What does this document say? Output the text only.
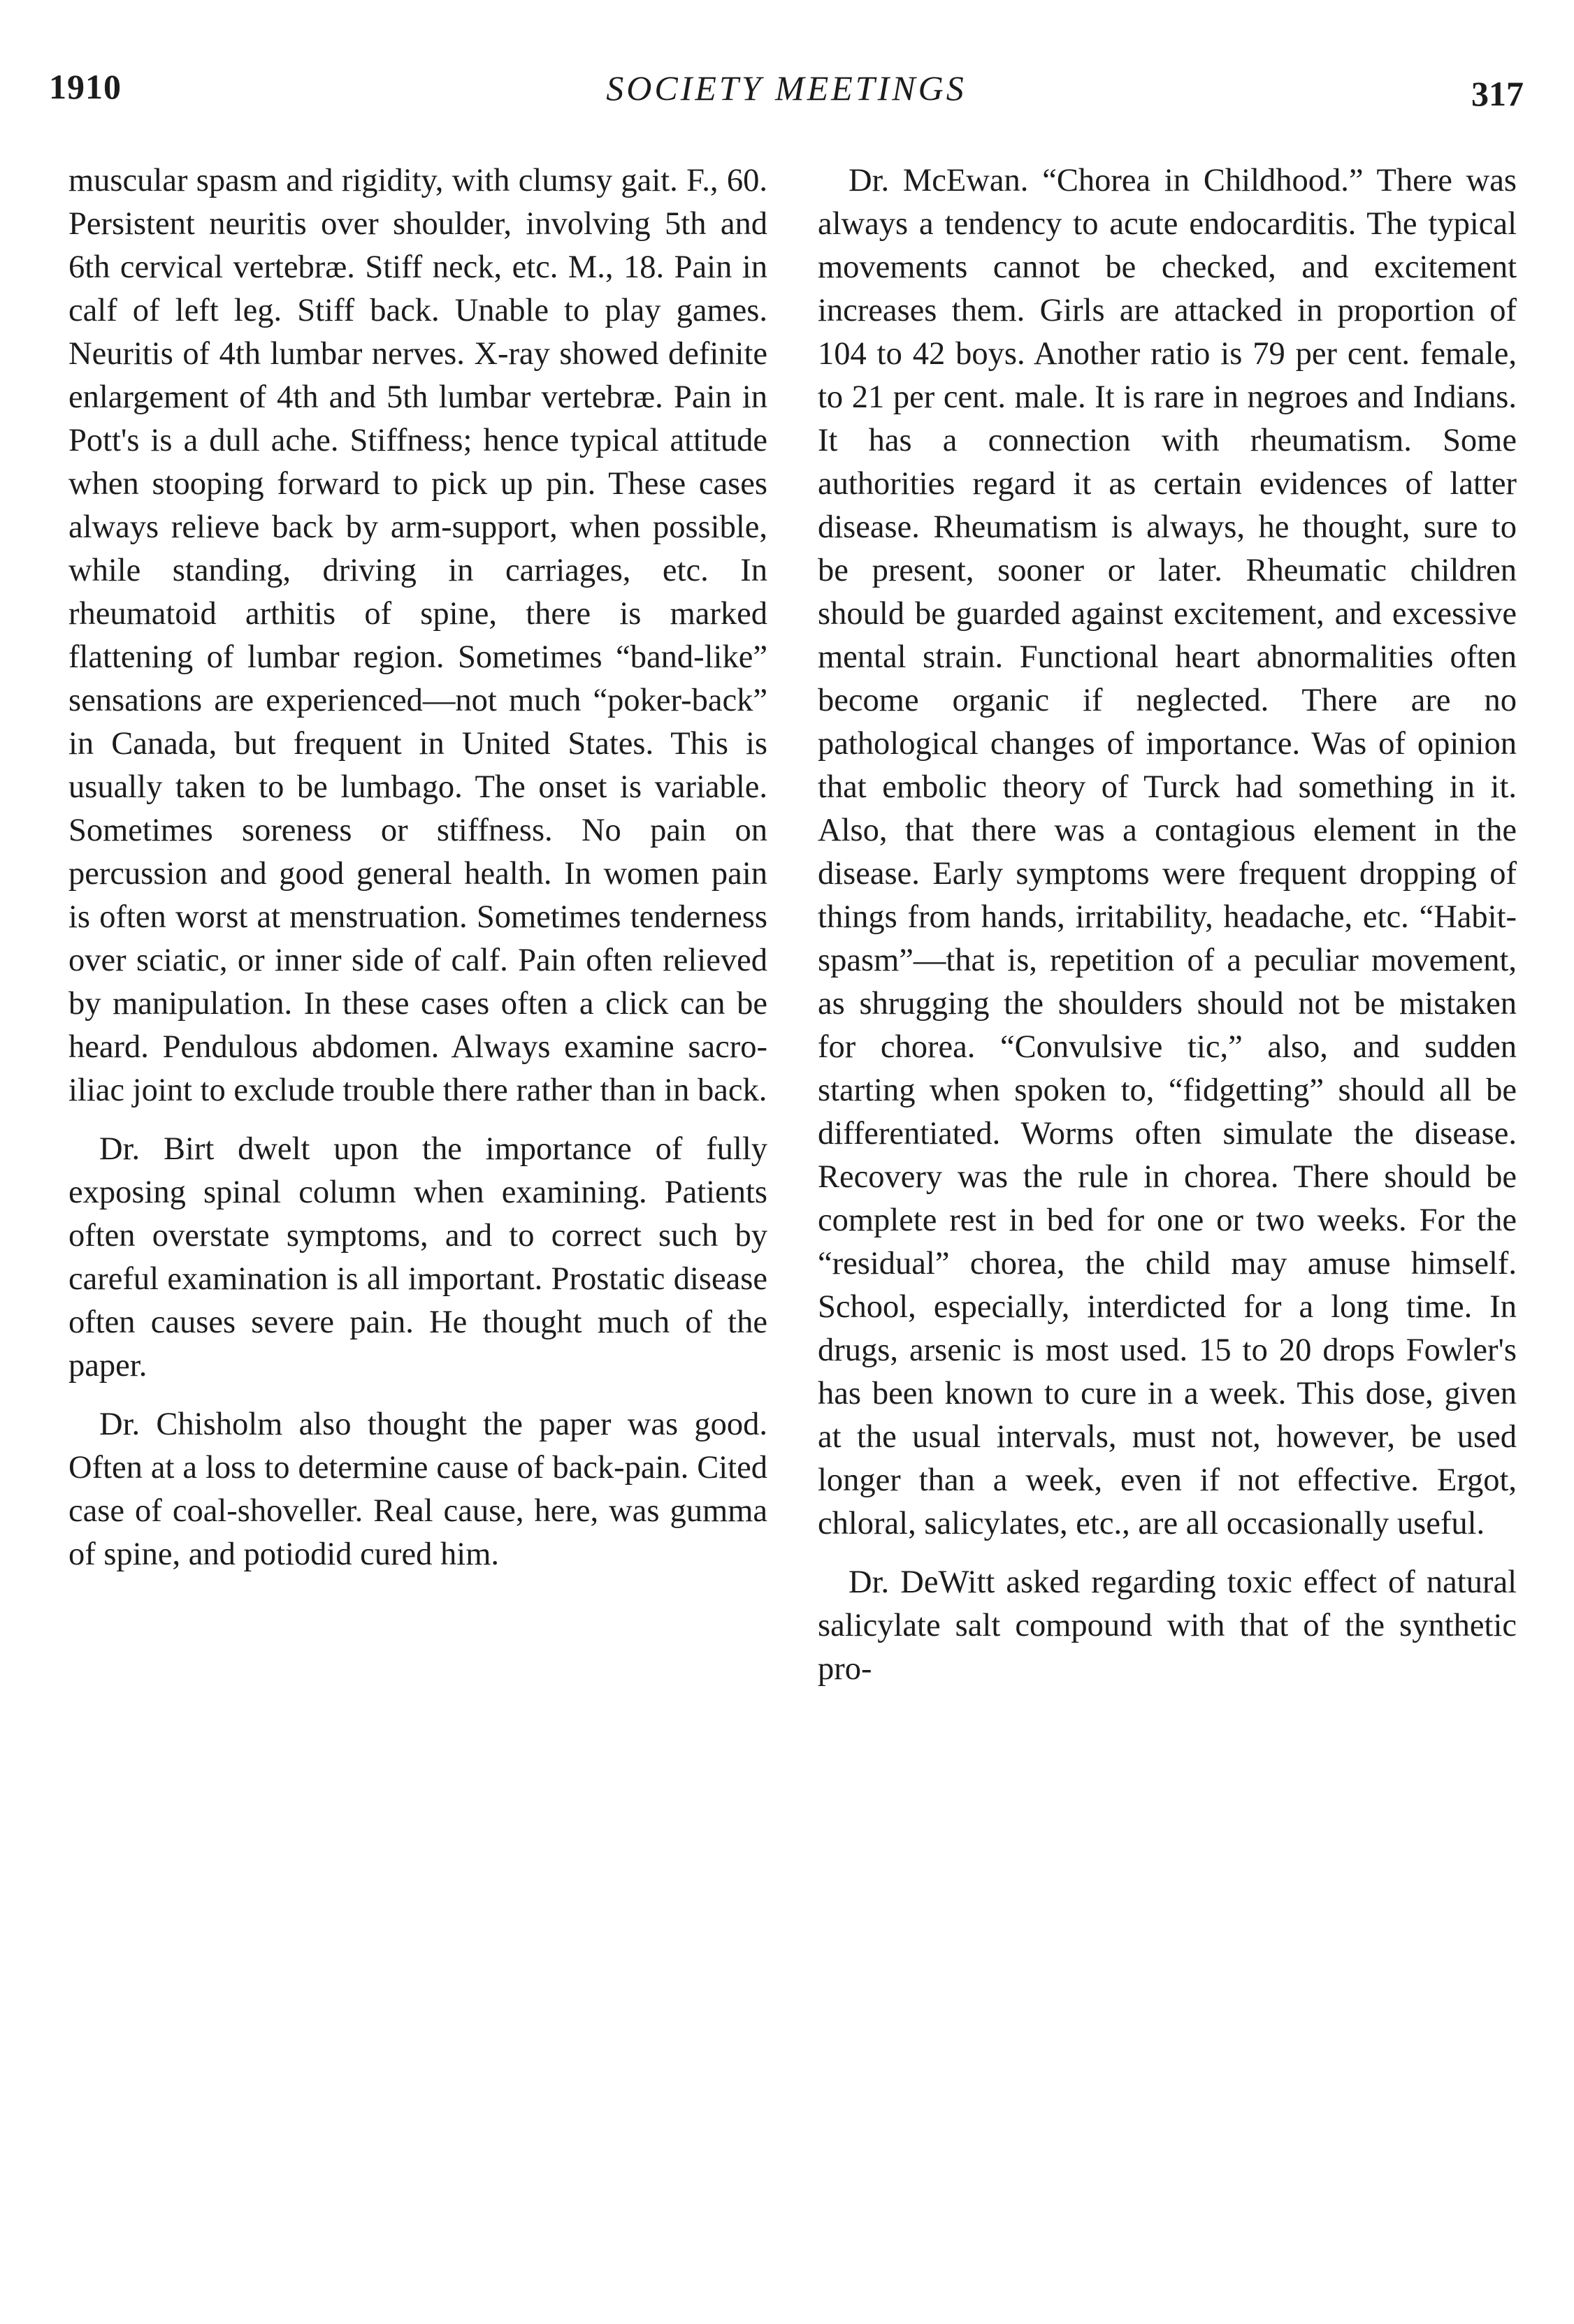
1910	SOCIETY MEETINGS	317

muscular spasm and rigidity, with clumsy gait. F., 60. Persistent neuritis over shoulder, involving 5th and 6th cervical vertebræ. Stiff neck, etc. M., 18. Pain in calf of left leg. Stiff back. Unable to play games. Neuritis of 4th lumbar nerves. X-ray showed definite enlargement of 4th and 5th lumbar vertebræ. Pain in Pott's is a dull ache. Stiffness; hence typical attitude when stooping forward to pick up pin. These cases always relieve back by arm-support, when possible, while standing, driving in carriages, etc. In rheumatoid arthitis of spine, there is marked flattening of lumbar region. Sometimes “band-like” sensations are experienced—not much “poker-back” in Canada, but frequent in United States. This is usually taken to be lumbago. The onset is variable. Sometimes soreness or stiffness. No pain on percussion and good general health. In women pain is often worst at menstruation. Sometimes tenderness over sciatic, or inner side of calf. Pain often relieved by manipulation. In these cases often a click can be heard. Pendulous abdomen. Always examine sacro-iliac joint to exclude trouble there rather than in back.

Dr. Birt dwelt upon the importance of fully exposing spinal column when examining. Patients often overstate symptoms, and to correct such by careful examination is all important. Prostatic disease often causes severe pain. He thought much of the paper.

Dr. Chisholm also thought the paper was good. Often at a loss to determine cause of back-pain. Cited case of coal-shoveller. Real cause, here, was gumma of spine, and potiodid cured him.

Dr. McEwan. “Chorea in Childhood.” There was always a tendency to acute endocarditis. The typical movements cannot be checked, and excitement increases them. Girls are attacked in proportion of 104 to 42 boys. Another ratio is 79 per cent. female, to 21 per cent. male. It is rare in negroes and Indians. It has a connection with rheumatism. Some authorities regard it as certain evidences of latter disease. Rheumatism is always, he thought, sure to be present, sooner or later. Rheumatic children should be guarded against excitement, and excessive mental strain. Functional heart abnormalities often become organic if neglected. There are no pathological changes of importance. Was of opinion that embolic theory of Turck had something in it. Also, that there was a contagious element in the disease. Early symptoms were frequent dropping of things from hands, irritability, headache, etc. “Habit-spasm”—that is, repetition of a peculiar movement, as shrugging the shoulders should not be mistaken for chorea. “Convulsive tic,” also, and sudden starting when spoken to, “fidgetting” should all be differentiated. Worms often simulate the disease. Recovery was the rule in chorea. There should be complete rest in bed for one or two weeks. For the “residual” chorea, the child may amuse himself. School, especially, interdicted for a long time. In drugs, arsenic is most used. 15 to 20 drops Fowler's has been known to cure in a week. This dose, given at the usual intervals, must not, however, be used longer than a week, even if not effective. Ergot, chloral, salicylates, etc., are all occasionally useful.

Dr. DeWitt asked regarding toxic effect of natural salicylate salt compound with that of the synthetic pro-
